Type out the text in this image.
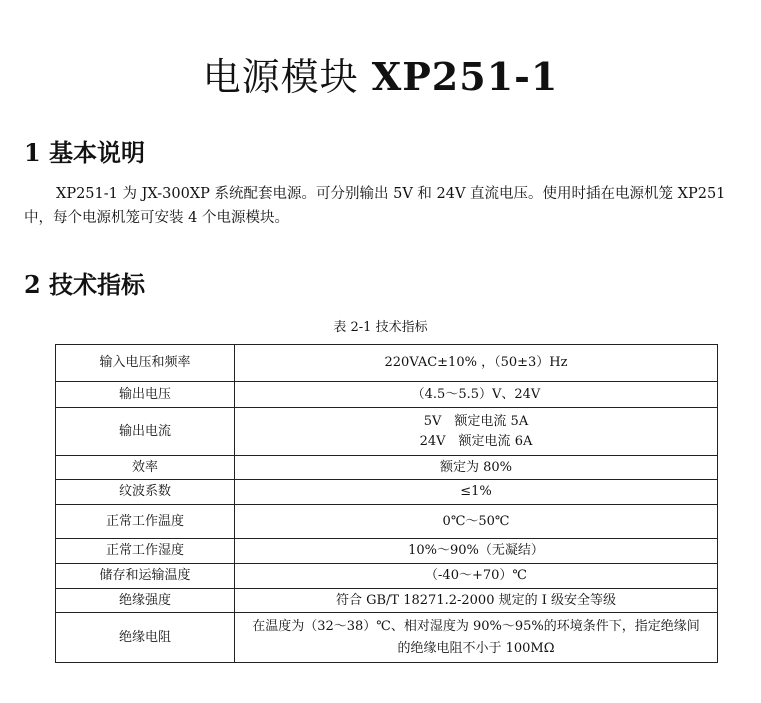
电源模块 XP251-1
1 基本说明

XP251-1 为 JX-300XP 系统配套电源。可分别输出 5V 和 24V 直流电压。使用时插在电源机笼 XP251 中，每个电源机笼可安装 4 个电源模块。

2 技术指标
表 2-1 技术指标
输入电压和频率	220VAC±10% ，（50±3）Hz

输出电压	（4.5～5.5）V、24V

输出电流	5V　额定电流 5A
24V　额定电流 6A

效率	额定为 80%

纹波系数	≤1%

正常工作温度	0℃～50℃

正常工作湿度	10%～90%（无凝结）

储存和运输温度	（-40～+70）℃

绝缘强度	符合 GB/T 18271.2-2000 规定的 I 级安全等级

绝缘电阻	在温度为（32～38）℃、相对湿度为 90%～95%的环境条件下，指定绝缘间
的绝缘电阻不小于 100MΩ
